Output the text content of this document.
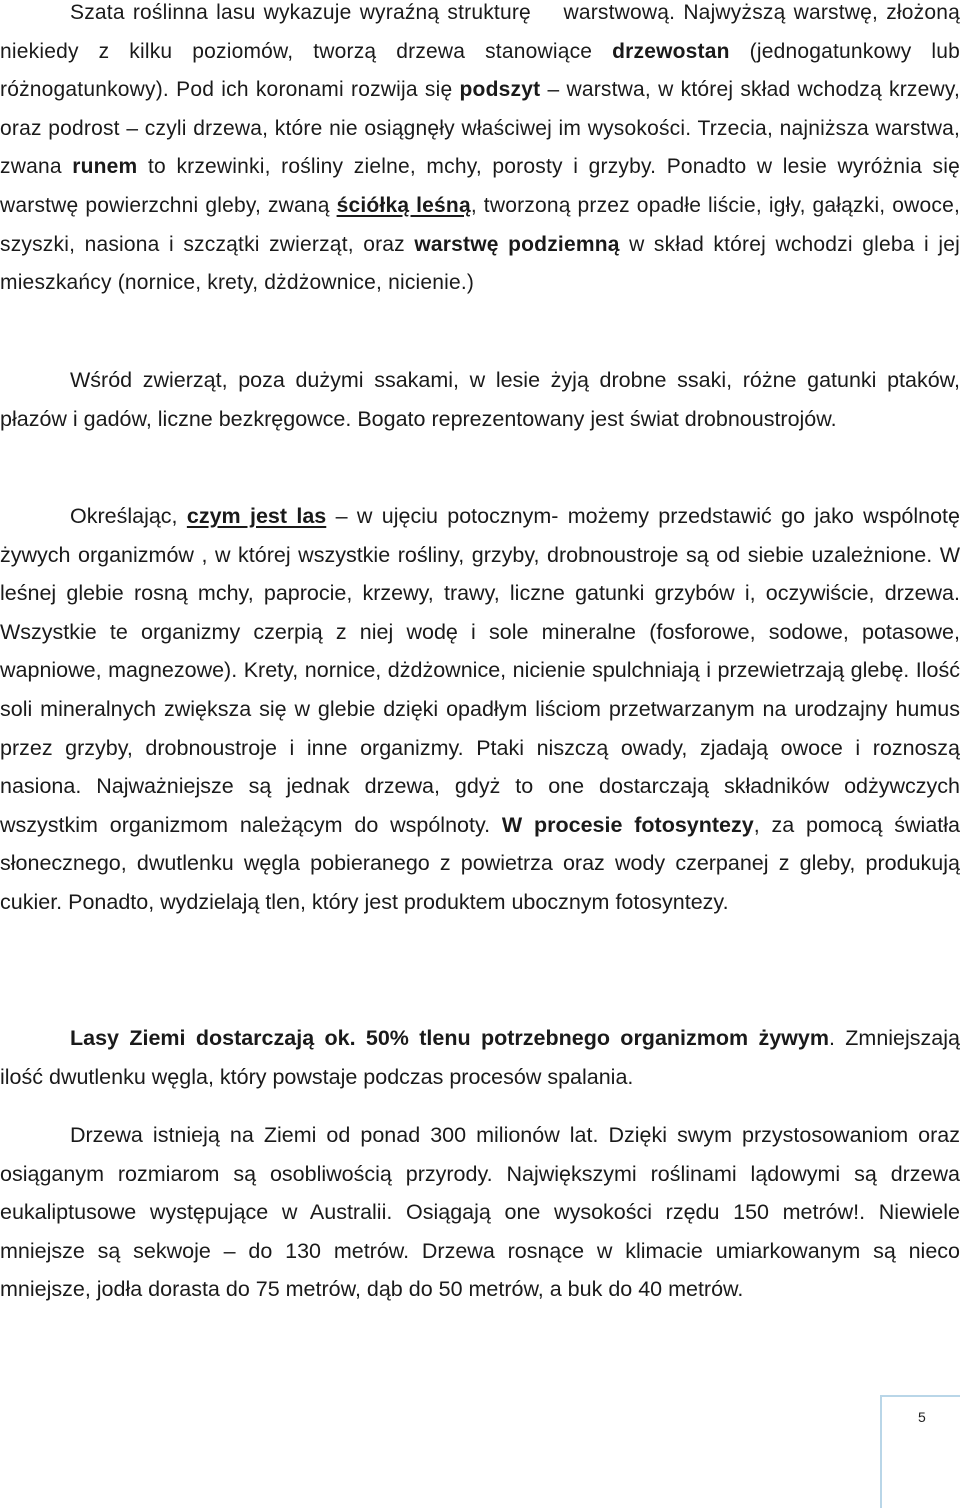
Szata roślinna lasu wykazuje wyraźną strukturę    warstwową. Najwyższą warstwę, złożoną niekiedy z kilku poziomów, tworzą drzewa stanowiące drzewostan (jednogatunkowy lub różnogatunkowy). Pod ich koronami rozwija się podszyt – warstwa, w której skład wchodzą krzewy, oraz podrost – czyli drzewa, które nie osiągnęły właściwej im wysokości. Trzecia, najniższa warstwa, zwana runem to krzewinki, rośliny zielne, mchy, porosty i grzyby. Ponadto w lesie wyróżnia się warstwę powierzchni gleby, zwaną ściółką leśną, tworzoną przez opadłe liście, igły, gałązki, owoce, szyszki, nasiona i szczątki zwierząt, oraz warstwę podziemną w skład której wchodzi gleba i jej mieszkańcy (nornice, krety, dżdżownice, nicienie.)

Wśród zwierząt, poza dużymi ssakami, w lesie żyją drobne ssaki, różne gatunki ptaków, płazów i gadów, liczne bezkręgowce. Bogato reprezentowany jest świat drobnoustrojów.

Określając, czym jest las – w ujęciu potocznym- możemy przedstawić go jako wspólnotę żywych organizmów , w której wszystkie rośliny, grzyby, drobnoustroje są od siebie uzależnione. W leśnej glebie rosną mchy, paprocie, krzewy, trawy, liczne gatunki grzybów i, oczywiście, drzewa. Wszystkie te organizmy czerpią z niej wodę i sole mineralne (fosforowe, sodowe, potasowe, wapniowe, magnezowe). Krety, nornice, dżdżownice, nicienie spulchniają i przewietrzają glebę. Ilość soli mineralnych zwiększa się w glebie dzięki opadłym liściom przetwarzanym na urodzajny humus przez grzyby, drobnoustroje i inne organizmy. Ptaki niszczą owady, zjadają owoce i roznoszą nasiona. Najważniejsze są jednak drzewa, gdyż to one dostarczają składników odżywczych wszystkim organizmom należącym do wspólnoty. W procesie fotosyntezy, za pomocą światła słonecznego, dwutlenku węgla pobieranego z powietrza oraz wody czerpanej z gleby, produkują cukier. Ponadto, wydzielają tlen, który jest produktem ubocznym fotosyntezy.

Lasy Ziemi dostarczają ok. 50% tlenu potrzebnego organizmom żywym. Zmniejszają ilość dwutlenku węgla, który powstaje podczas procesów spalania.

Drzewa istnieją na Ziemi od ponad 300 milionów lat. Dzięki swym przystosowaniom oraz osiąganym rozmiarom są osobliwością przyrody. Największymi roślinami lądowymi są drzewa eukaliptusowe występujące w Australii. Osiągają one wysokości rzędu 150 metrów!. Niewiele mniejsze są sekwoje – do 130 metrów. Drzewa rosnące w klimacie umiarkowanym są nieco mniejsze, jodła dorasta do 75 metrów, dąb do 50 metrów, a buk do 40 metrów.

5
